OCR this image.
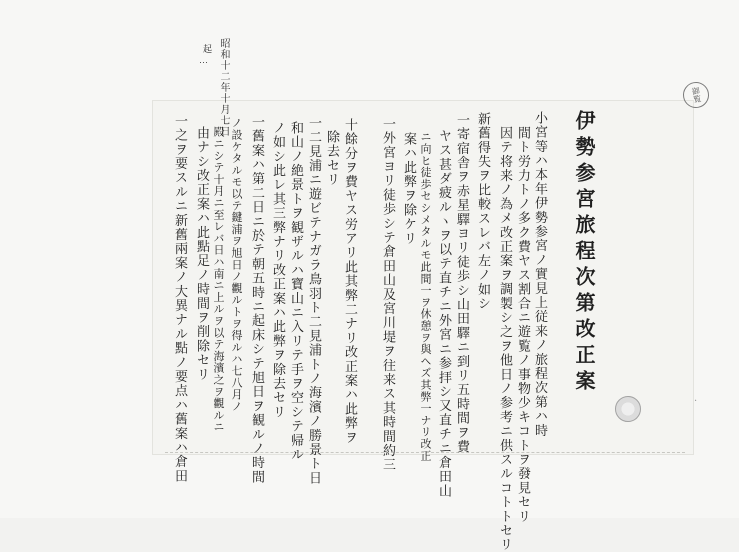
御覧
昭和十二年十月七日
起
伊勢参宮旅程次第改正案
小宮等ハ本年伊勢参宮ノ實見上従来ノ旅程次第ハ時
間ト労力トノ多ク費ヤス割合ニ遊覧ノ事物少キコトヲ發見セリ
因テ将来ノ為メ改正案ヲ調製シ之ヲ他日ノ参考ニ供スルコトトセリ
新舊得失ヲ比較スレバ左ノ如シ
一寄宿舎ヲ赤星驛ヨリ徒歩シ山田驛ニ到リ五時間ヲ費
ヤス甚ダ疲ルヽヲ以テ直チニ外宮ニ参拝シ又直チニ倉田山
ニ向ヒ徒歩セシメタルモ此間一ヲ休憩ヲ與ヘズ其弊一ナリ改正
案ハ此弊ヲ除ケリ
一外宮ヨリ徒歩シテ倉田山及宮川堤ヲ往来ス其時間約三
十餘分ヲ費ヤス労アリ此其弊二ナリ改正案ハ此弊ヲ
除去セリ
一二見浦ニ遊ビテナガラ鳥羽ト二見浦トノ海濱ノ勝景ト日
和山ノ絶景トヲ観ザルハ寶山ニ入リテ手ヲ空シテ帰ル
ノ如シ此レ其三弊ナリ改正案ハ此弊ヲ除去セリ
一舊案ハ第二日ニ於テ朝五時ニ起床シテ旭日ヲ観ルノ時間
ノ設ケタルモ以テ鍵浦ヲ旭日ノ觀ルトヲ得ルハ七八月ノ
殿ニシテ十月ニ至レバ日ハ南ニ上ルヲ以テ海濱之ヲ觀ルニ
由ナシ改正案ハ此點足ノ時間ヲ削除セリ
一之ヲ要スルニ新舊兩案ノ大異ナル點ノ要点ハ舊案ハ倉田
⋯
·
